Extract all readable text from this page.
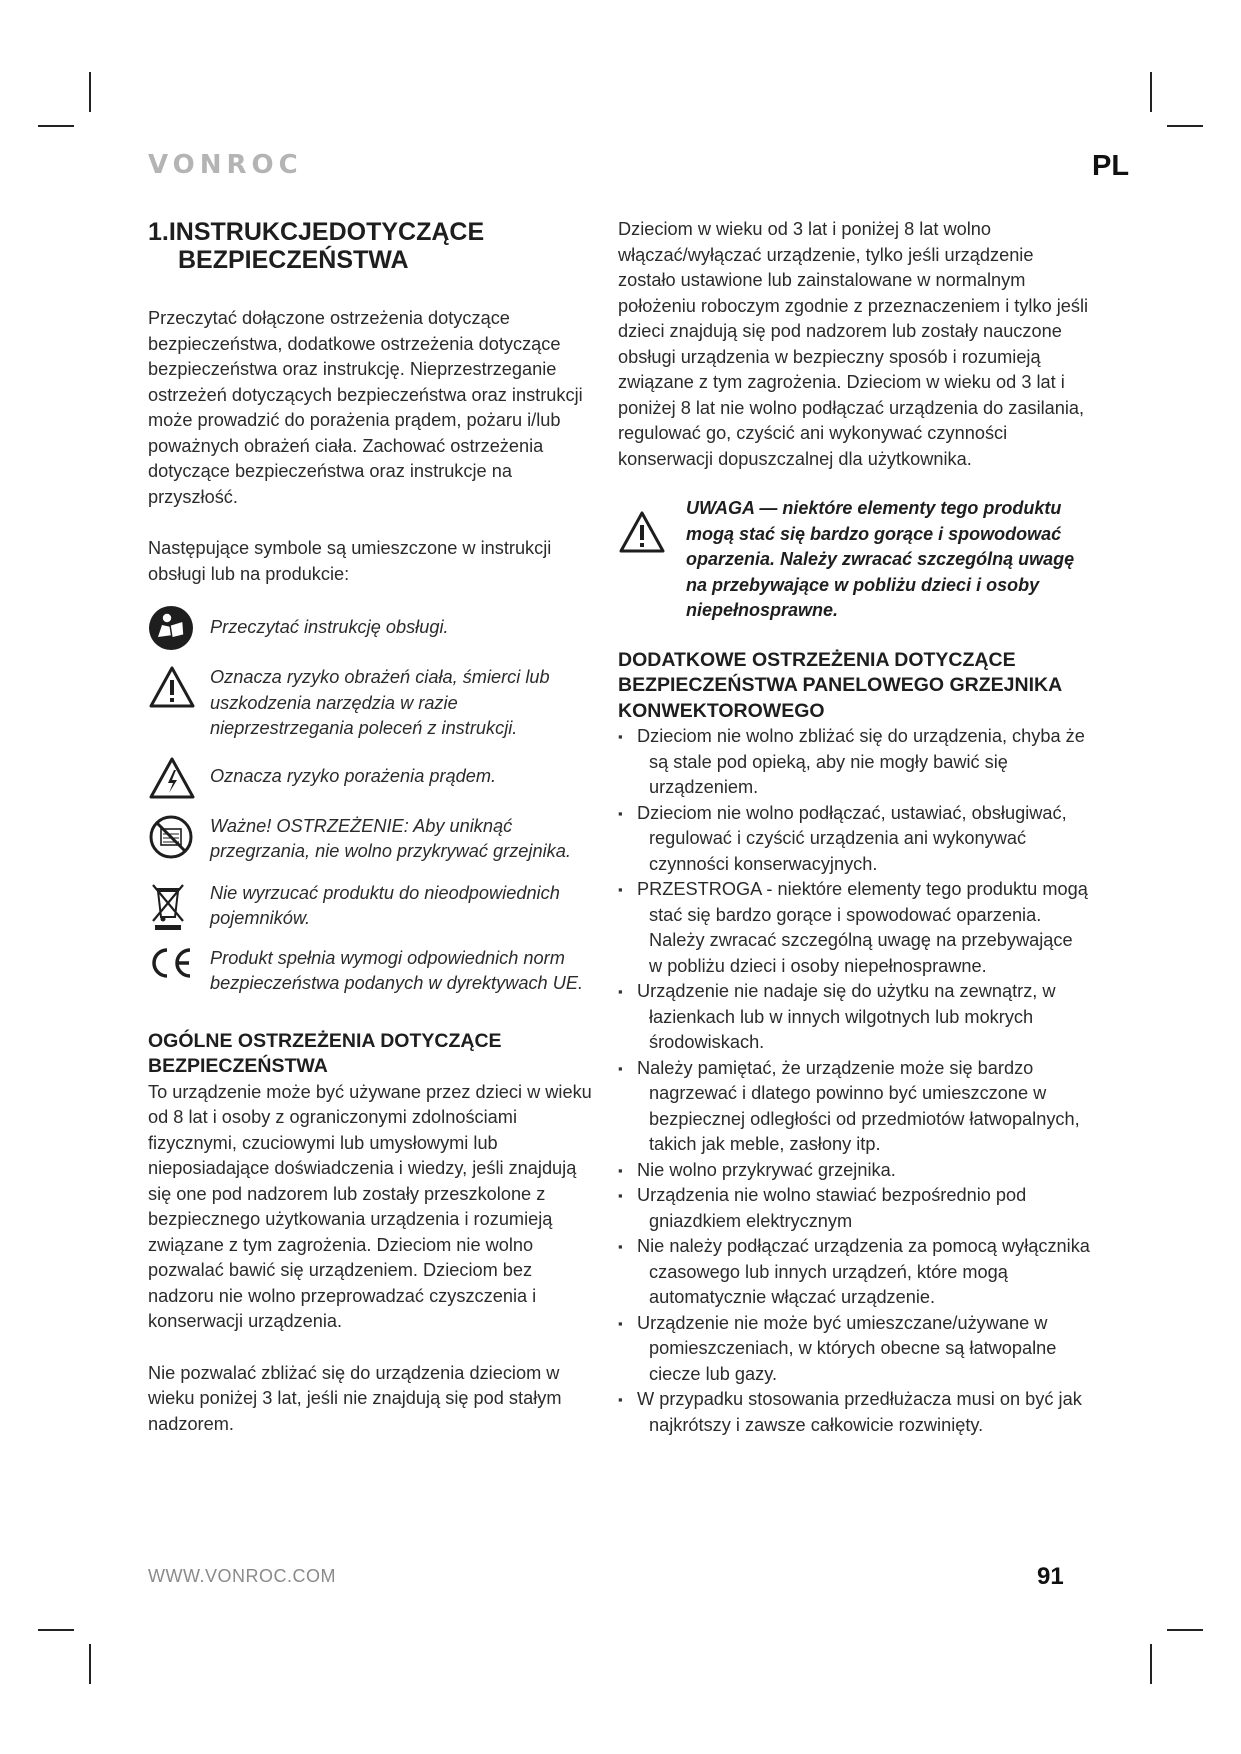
VONROC	PL
1.INSTRUKCJEDOTYCZĄCE
BEZPIECZEŃSTWA

Przeczytać dołączone ostrzeżenia dotyczące bezpieczeństwa, dodatkowe ostrzeżenia dotyczące bezpieczeństwa oraz instrukcję. Nieprzestrzeganie ostrzeżeń dotyczących bezpieczeństwa oraz instrukcji może prowadzić do porażenia prądem, pożaru i/lub poważnych obrażeń ciała. Zachować ostrzeżenia dotyczące bezpieczeństwa oraz instrukcje na przyszłość.

Następujące symbole są umieszczone w instrukcji obsługi lub na produkcie:

Przeczytać instrukcję obsługi.
Oznacza ryzyko obrażeń ciała, śmierci lub uszkodzenia narzędzia w razie nieprzestrzegania poleceń z instrukcji.
Oznacza ryzyko porażenia prądem.
Ważne! OSTRZEŻENIE: Aby uniknąć przegrzania, nie wolno przykrywać grzejnika.
Nie wyrzucać produktu do nieodpowiednich pojemników.
Produkt spełnia wymogi odpowiednich norm bezpieczeństwa podanych w dyrektywach UE.
OGÓLNE OSTRZEŻENIA DOTYCZĄCE BEZPIECZEŃSTWA

To urządzenie może być używane przez dzieci w wieku od 8 lat i osoby z ograniczonymi zdolnościami fizycznymi, czuciowymi lub umysłowymi lub nieposiadające doświadczenia i wiedzy, jeśli znajdują się one pod nadzorem lub zostały przeszkolone z bezpiecznego użytkowania urządzenia i rozumieją związane z tym zagrożenia. Dzieciom nie wolno pozwalać bawić się urządzeniem. Dzieciom bez nadzoru nie wolno przeprowadzać czyszczenia i konserwacji urządzenia.

Nie pozwalać zbliżać się do urządzenia dzieciom w wieku poniżej 3 lat, jeśli nie znajdują się pod stałym nadzorem.

Dzieciom w wieku od 3 lat i poniżej 8 lat wolno włączać/wyłączać urządzenie, tylko jeśli urządzenie zostało ustawione lub zainstalowane w normalnym położeniu roboczym zgodnie z przeznaczeniem i tylko jeśli dzieci znajdują się pod nadzorem lub zostały nauczone obsługi urządzenia w bezpieczny sposób i rozumieją związane z tym zagrożenia. Dzieciom w wieku od 3 lat i poniżej 8 lat nie wolno podłączać urządzenia do zasilania, regulować go, czyścić ani wykonywać czynności konserwacji dopuszczalnej dla użytkownika.

UWAGA — niektóre elementy tego produktu mogą stać się bardzo gorące i spowodować oparzenia. Należy zwracać szczególną uwagę na przebywające w pobliżu dzieci i osoby niepełnosprawne.
DODATKOWE OSTRZEŻENIA DOTYCZĄCE BEZPIECZEŃSTWA PANELOWEGO GRZEJNIKA KONWEKTOROWEGO
▪ Dzieciom nie wolno zbliżać się do urządzenia, chyba że są stale pod opieką, aby nie mogły bawić się urządzeniem.
▪ Dzieciom nie wolno podłączać, ustawiać, obsługiwać, regulować i czyścić urządzenia ani wykonywać czynności konserwacyjnych.
▪ PRZESTROGA - niektóre elementy tego produktu mogą stać się bardzo gorące i spowodować oparzenia. Należy zwracać szczególną uwagę na przebywające w pobliżu dzieci i osoby niepełnosprawne.
▪ Urządzenie nie nadaje się do użytku na zewnątrz, w łazienkach lub w innych wilgotnych lub mokrych środowiskach.
▪ Należy pamiętać, że urządzenie może się bardzo nagrzewać i dlatego powinno być umieszczone w bezpiecznej odległości od przedmiotów łatwopalnych, takich jak meble, zasłony itp.
▪ Nie wolno przykrywać grzejnika.
▪ Urządzenia nie wolno stawiać bezpośrednio pod gniazdkiem elektrycznym
▪ Nie należy podłączać urządzenia za pomocą wyłącznika czasowego lub innych urządzeń, które mogą automatycznie włączać urządzenie.
▪ Urządzenie nie może być umieszczane/używane w pomieszczeniach, w których obecne są łatwopalne ciecze lub gazy.
▪ W przypadku stosowania przedłużacza musi on być jak najkrótszy i zawsze całkowicie rozwinięty.
WWW.VONROC.COM	91
